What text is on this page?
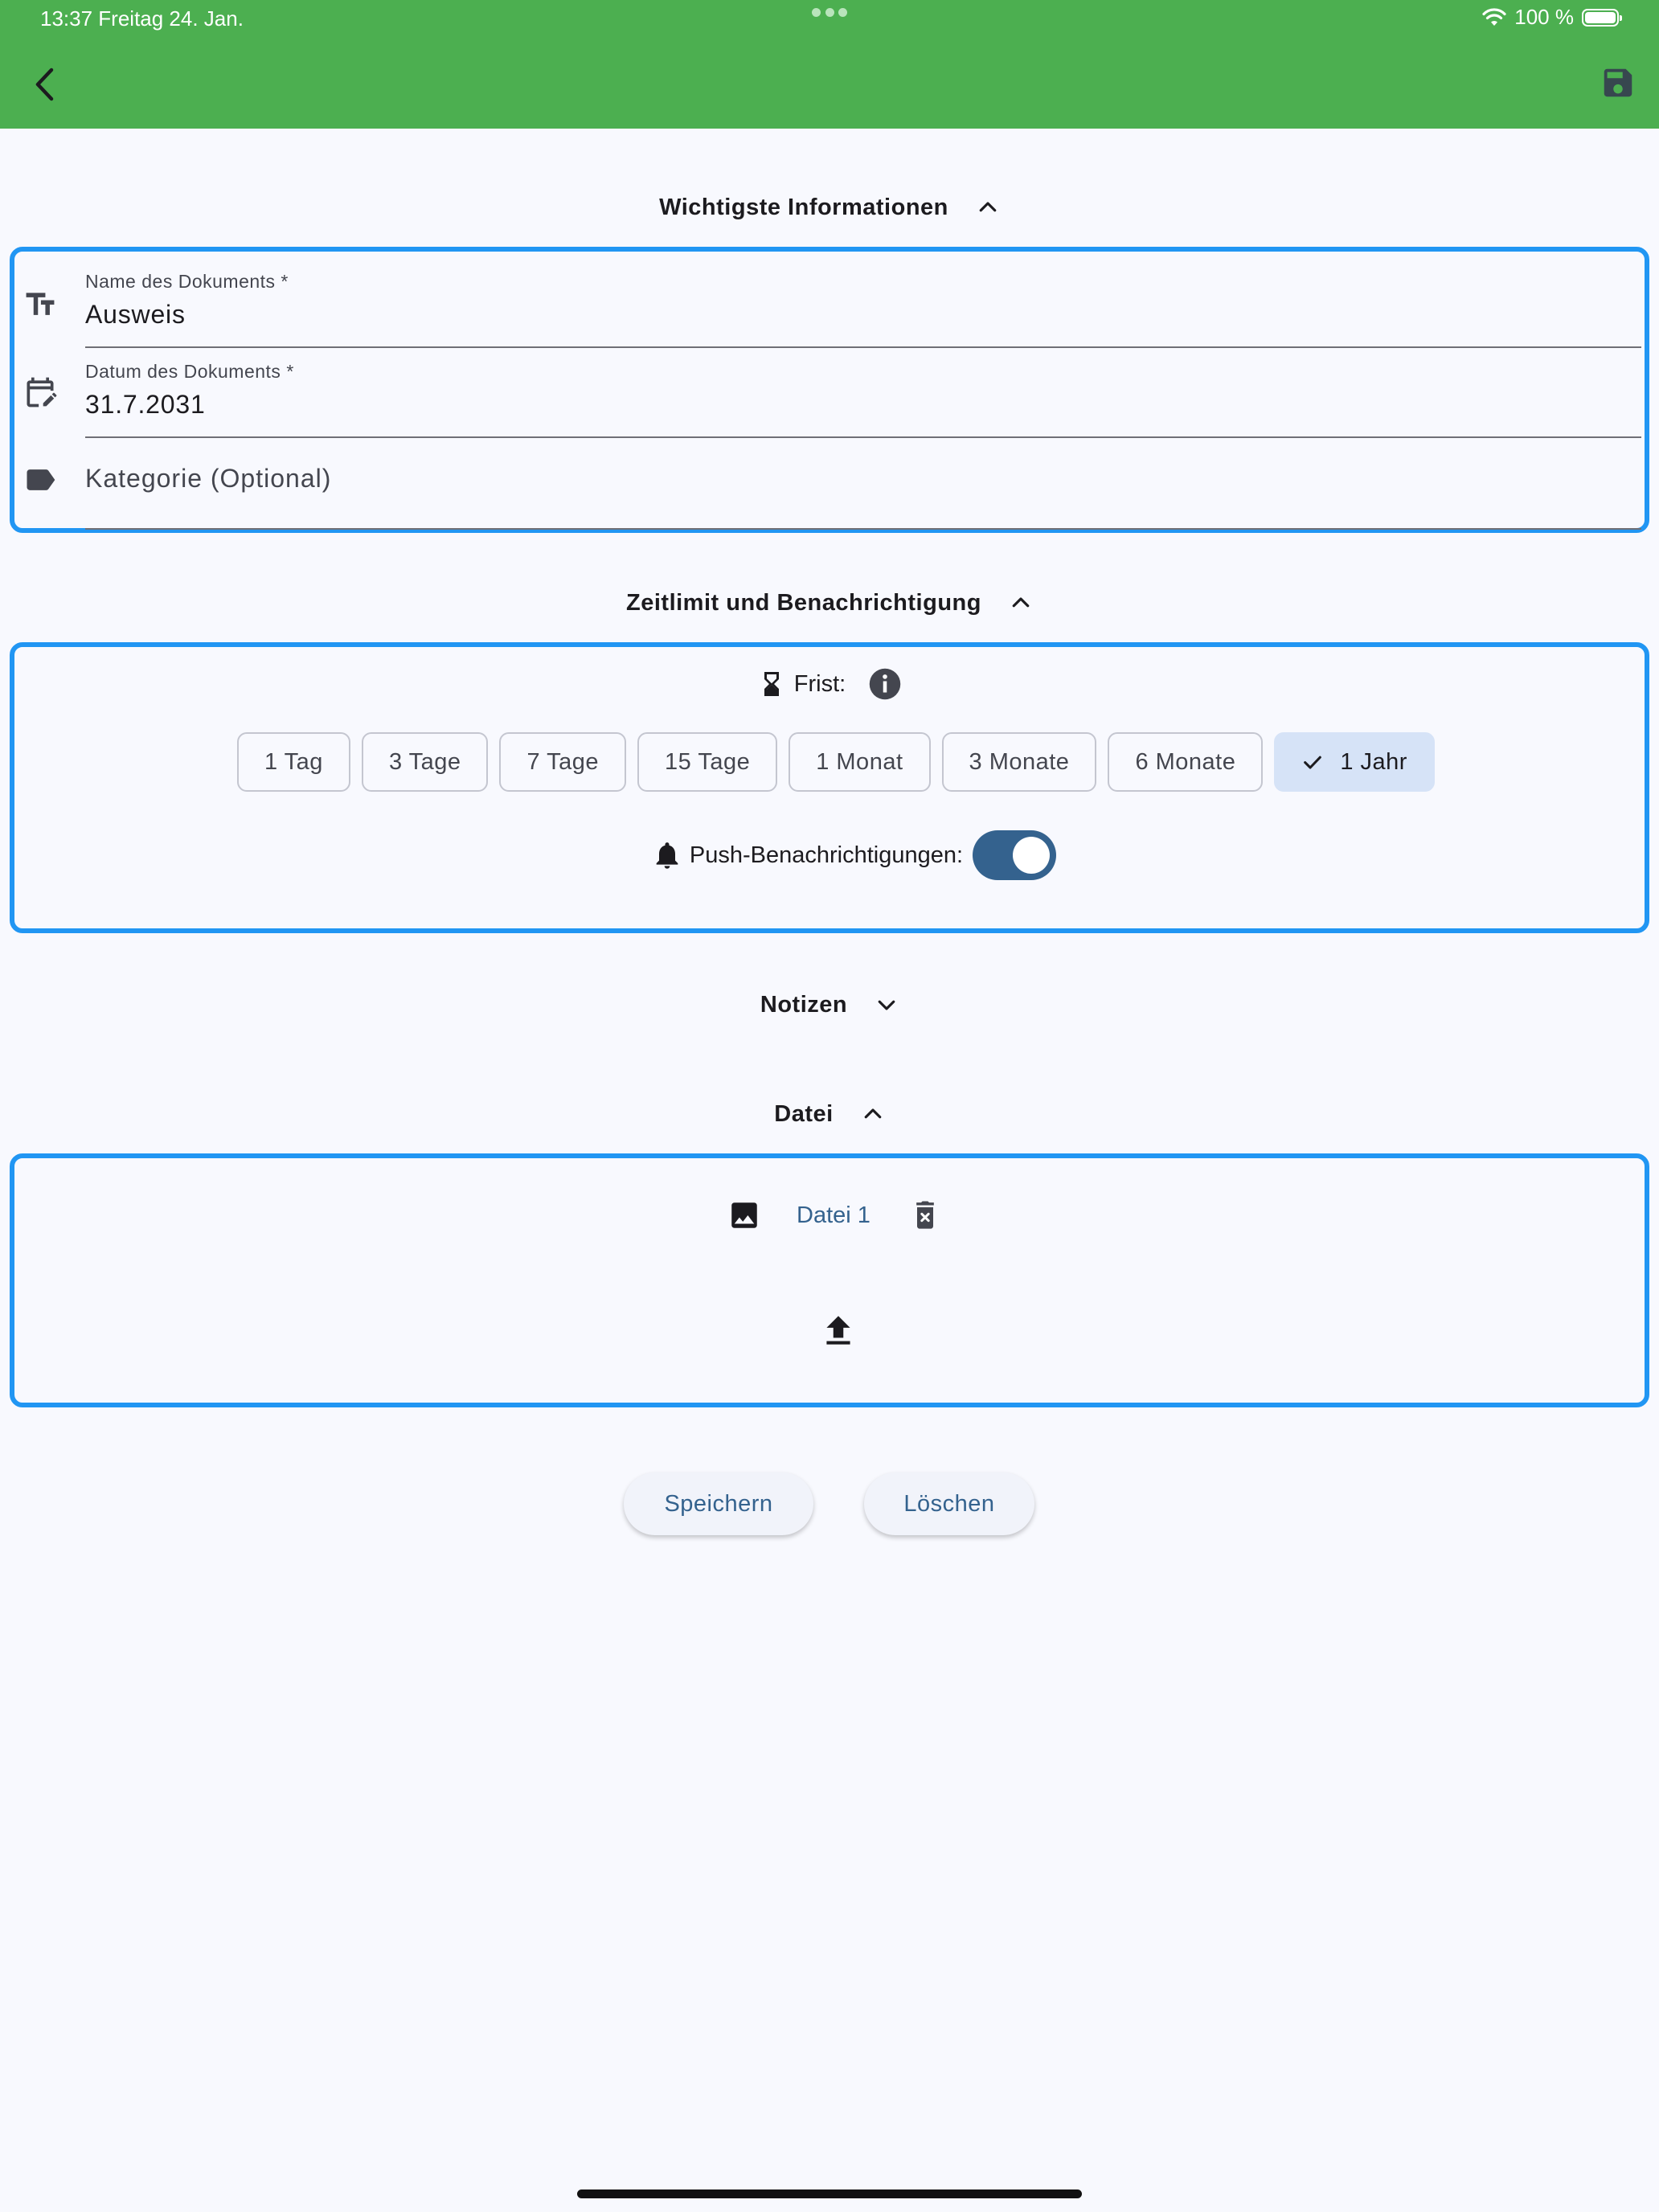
13:37 Freitag 24. Jan.	100 %
Wichtigste Informationen
Name des Dokuments *
Ausweis
Datum des Dokuments *
31.7.2031
Kategorie (Optional)
Zeitlimit und Benachrichtigung
Frist:
1 Tag	3 Tage	7 Tage	15 Tage	1 Monat	3 Monate	6 Monate	1 Jahr
Push-Benachrichtigungen:
Notizen
Datei
Datei 1
Speichern	Löschen
